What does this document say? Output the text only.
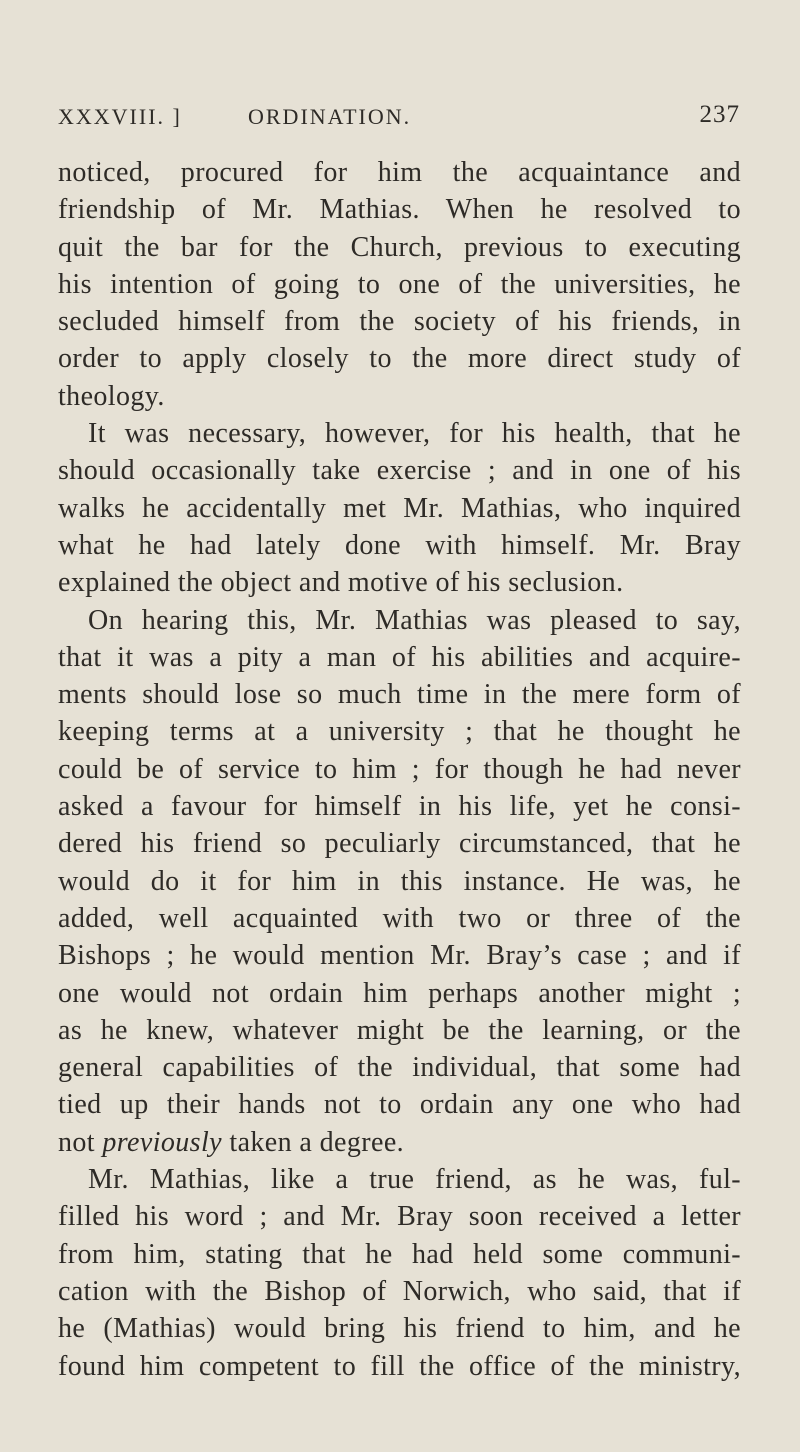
XXXVIII. ]	ORDINATION.	237
noticed, procured for him the acquaintance and
friendship of Mr. Mathias. When he resolved to
quit the bar for the Church, previous to executing
his intention of going to one of the universities, he
secluded himself from the society of his friends, in
order to apply closely to the more direct study of
theology.
It was necessary, however, for his health, that he
should occasionally take exercise ; and in one of his
walks he accidentally met Mr. Mathias, who inquired
what he had lately done with himself. Mr. Bray
explained the object and motive of his seclusion.
On hearing this, Mr. Mathias was pleased to say,
that it was a pity a man of his abilities and acquire-
ments should lose so much time in the mere form of
keeping terms at a university ; that he thought he
could be of service to him ; for though he had never
asked a favour for himself in his life, yet he consi-
dered his friend so peculiarly circumstanced, that he
would do it for him in this instance. He was, he
added, well acquainted with two or three of the
Bishops ; he would mention Mr. Bray’s case ; and if
one would not ordain him perhaps another might ;
as he knew, whatever might be the learning, or the
general capabilities of the individual, that some had
tied up their hands not to ordain any one who had
not previously taken a degree.
Mr. Mathias, like a true friend, as he was, ful-
filled his word ; and Mr. Bray soon received a letter
from him, stating that he had held some communi-
cation with the Bishop of Norwich, who said, that if
he (Mathias) would bring his friend to him, and he
found him competent to fill the office of the ministry,
